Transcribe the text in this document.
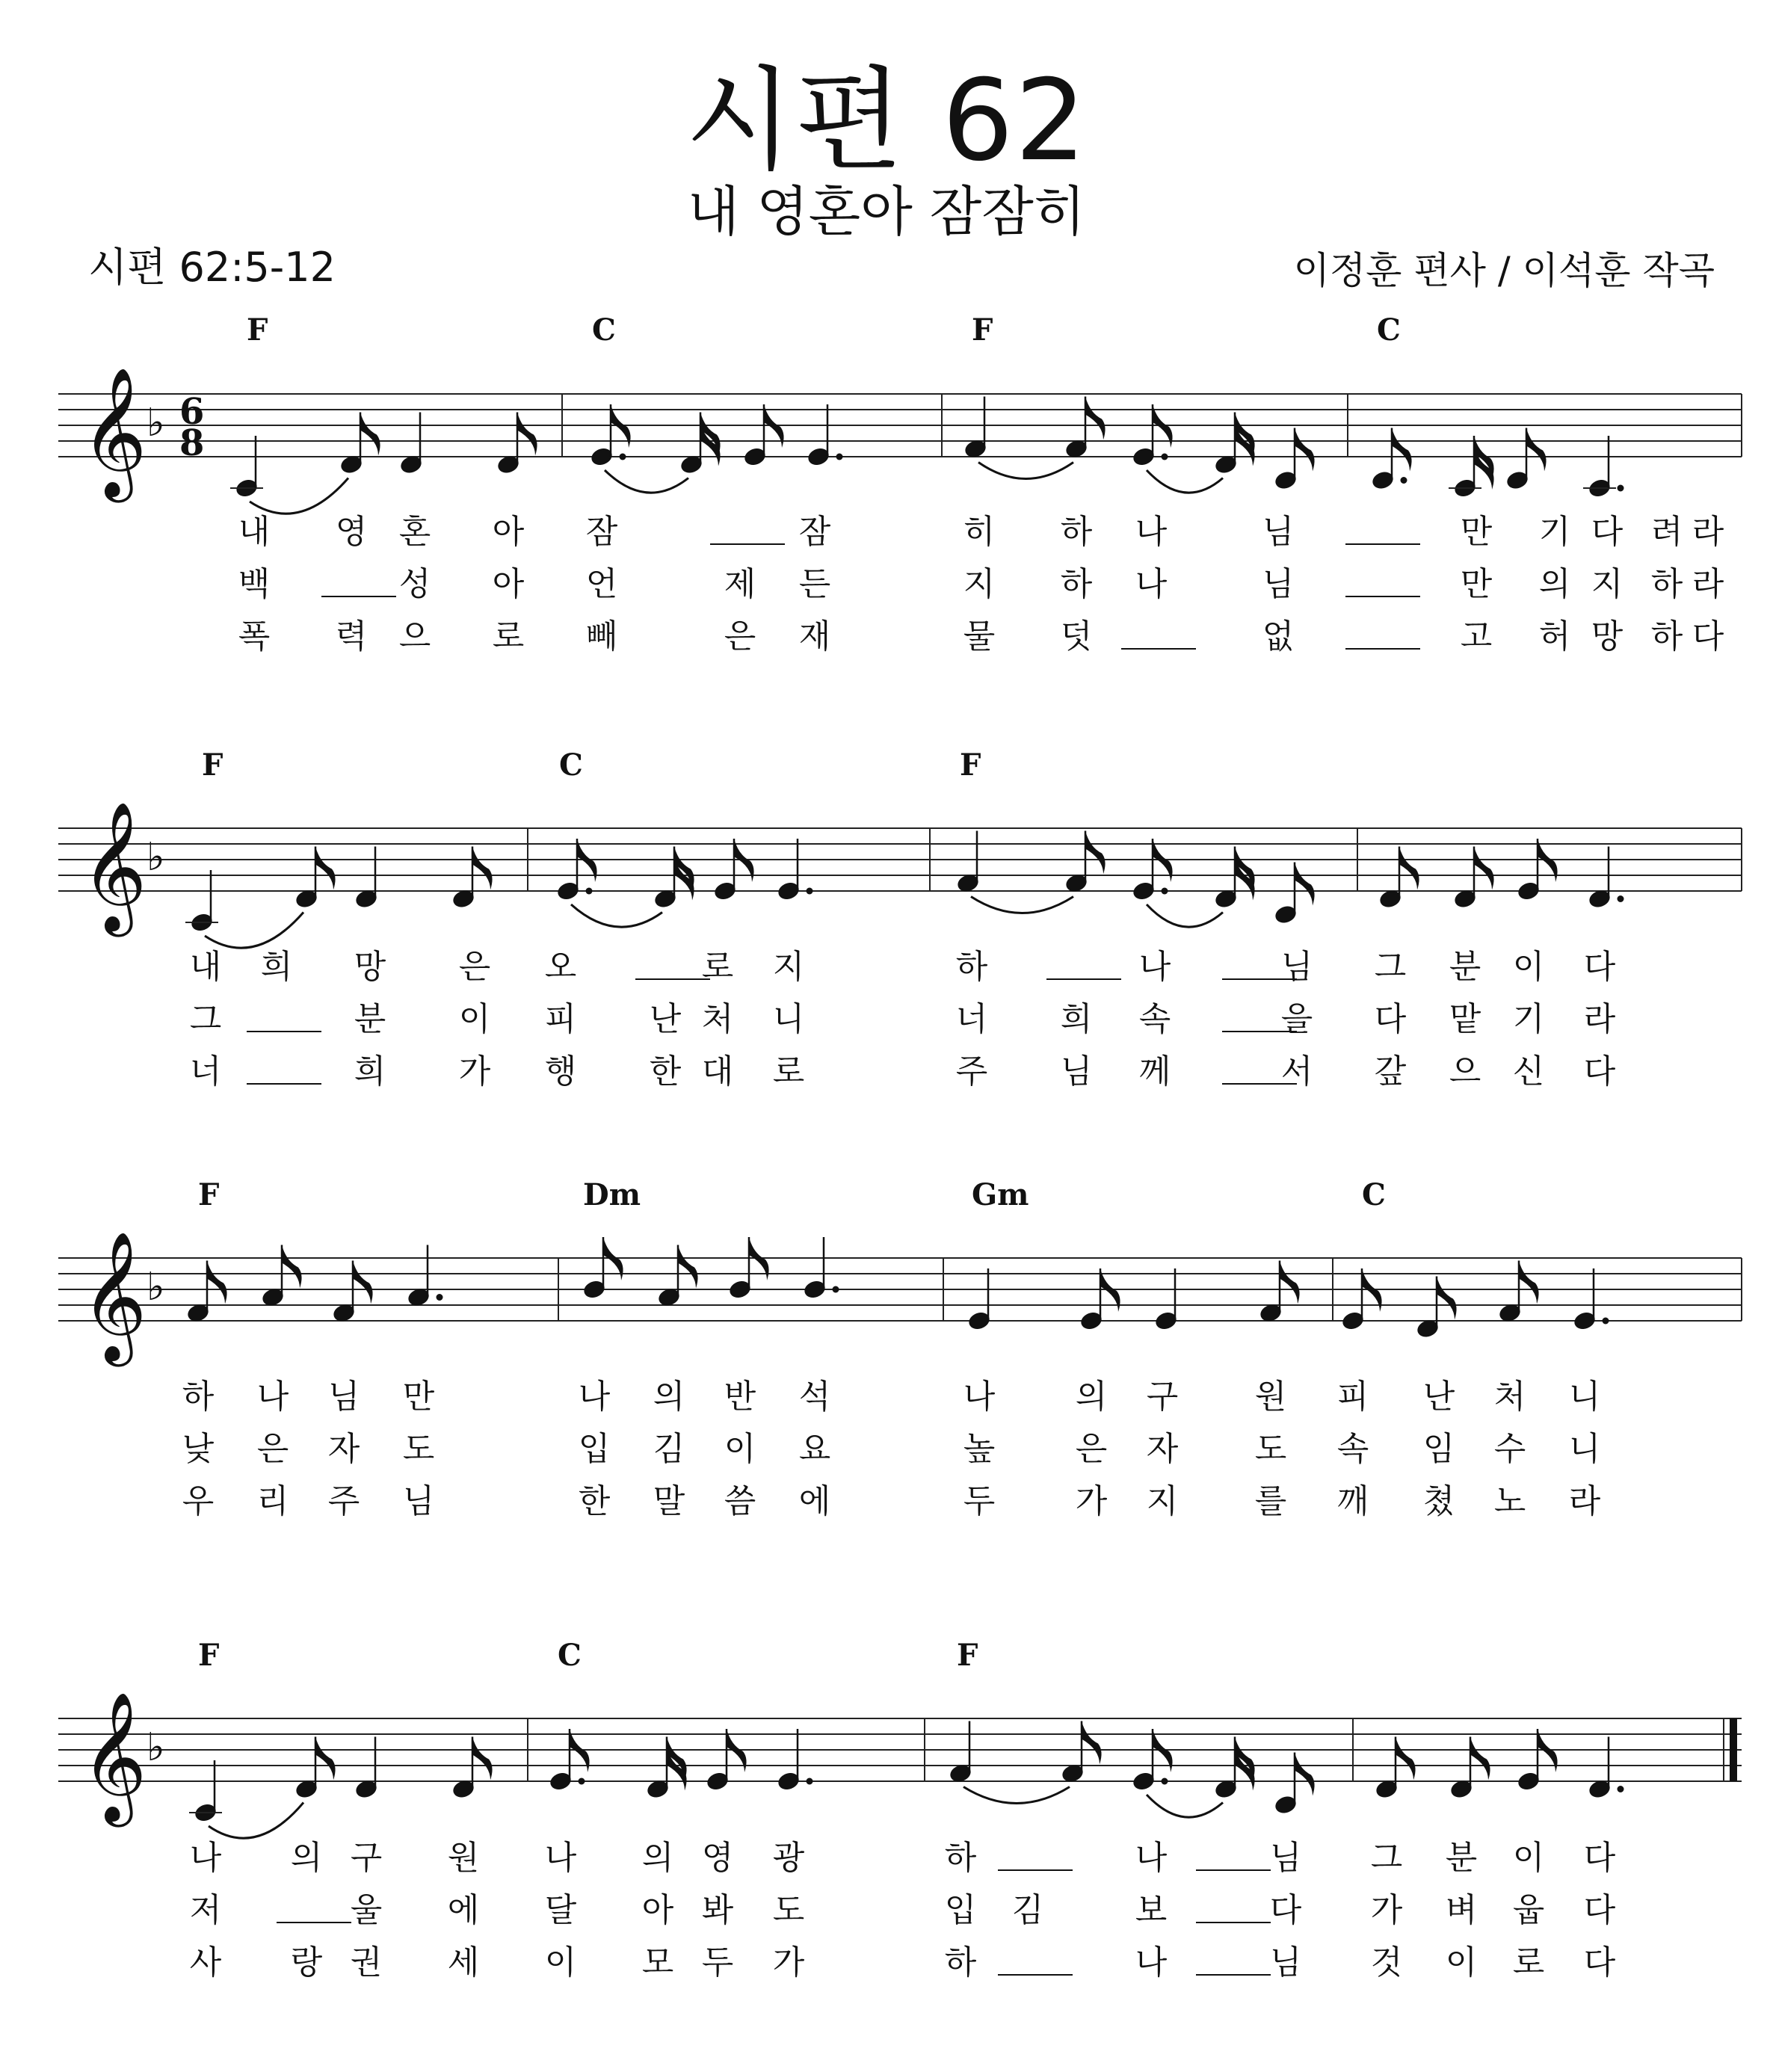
시편 62
내 영혼아 잠잠히
시편 62:5-12	이정훈 편사 / 이석훈 작곡
𝄞 ♭ 6
8
F	C	F	C
내 영 혼 아 잠	잠	히 하 나	님	만 기 다 려 라
백	성 아 언	제 든	지 하 나	님	만 의 지 하 라
폭 력 으 로 빼	은 재	물 덧	없	고 허 망 하 다
𝄞 ♭
F	C	F
내 희 망 은 오	로 지	하	나	님 그 분 이 다
그	분 이 피 난 처 니	너 희 속	을 다 맡 기 라
너	희 가 행 한 대 로	주 님 께	서 갚 으 신 다
𝄞 ♭
F	Dm	Gm	C
하 나 님 만	나 의 반 석	나 의 구 원 피 난 처 니
낮 은 자 도	입 김 이 요	높 은 자 도 속 임 수 니
우 리 주 님	한 말 씀 에	두 가 지 를 깨 쳤 노 라
𝄞 ♭
F	C	F
나 의 구 원 나 의 영 광	하	나	님 그 분 이 다
저	울 에 달 아 봐 도	입 김	보	다 가 벼 웁 다
사 랑 권 세 이 모 두 가	하	나	님 것 이 로 다
